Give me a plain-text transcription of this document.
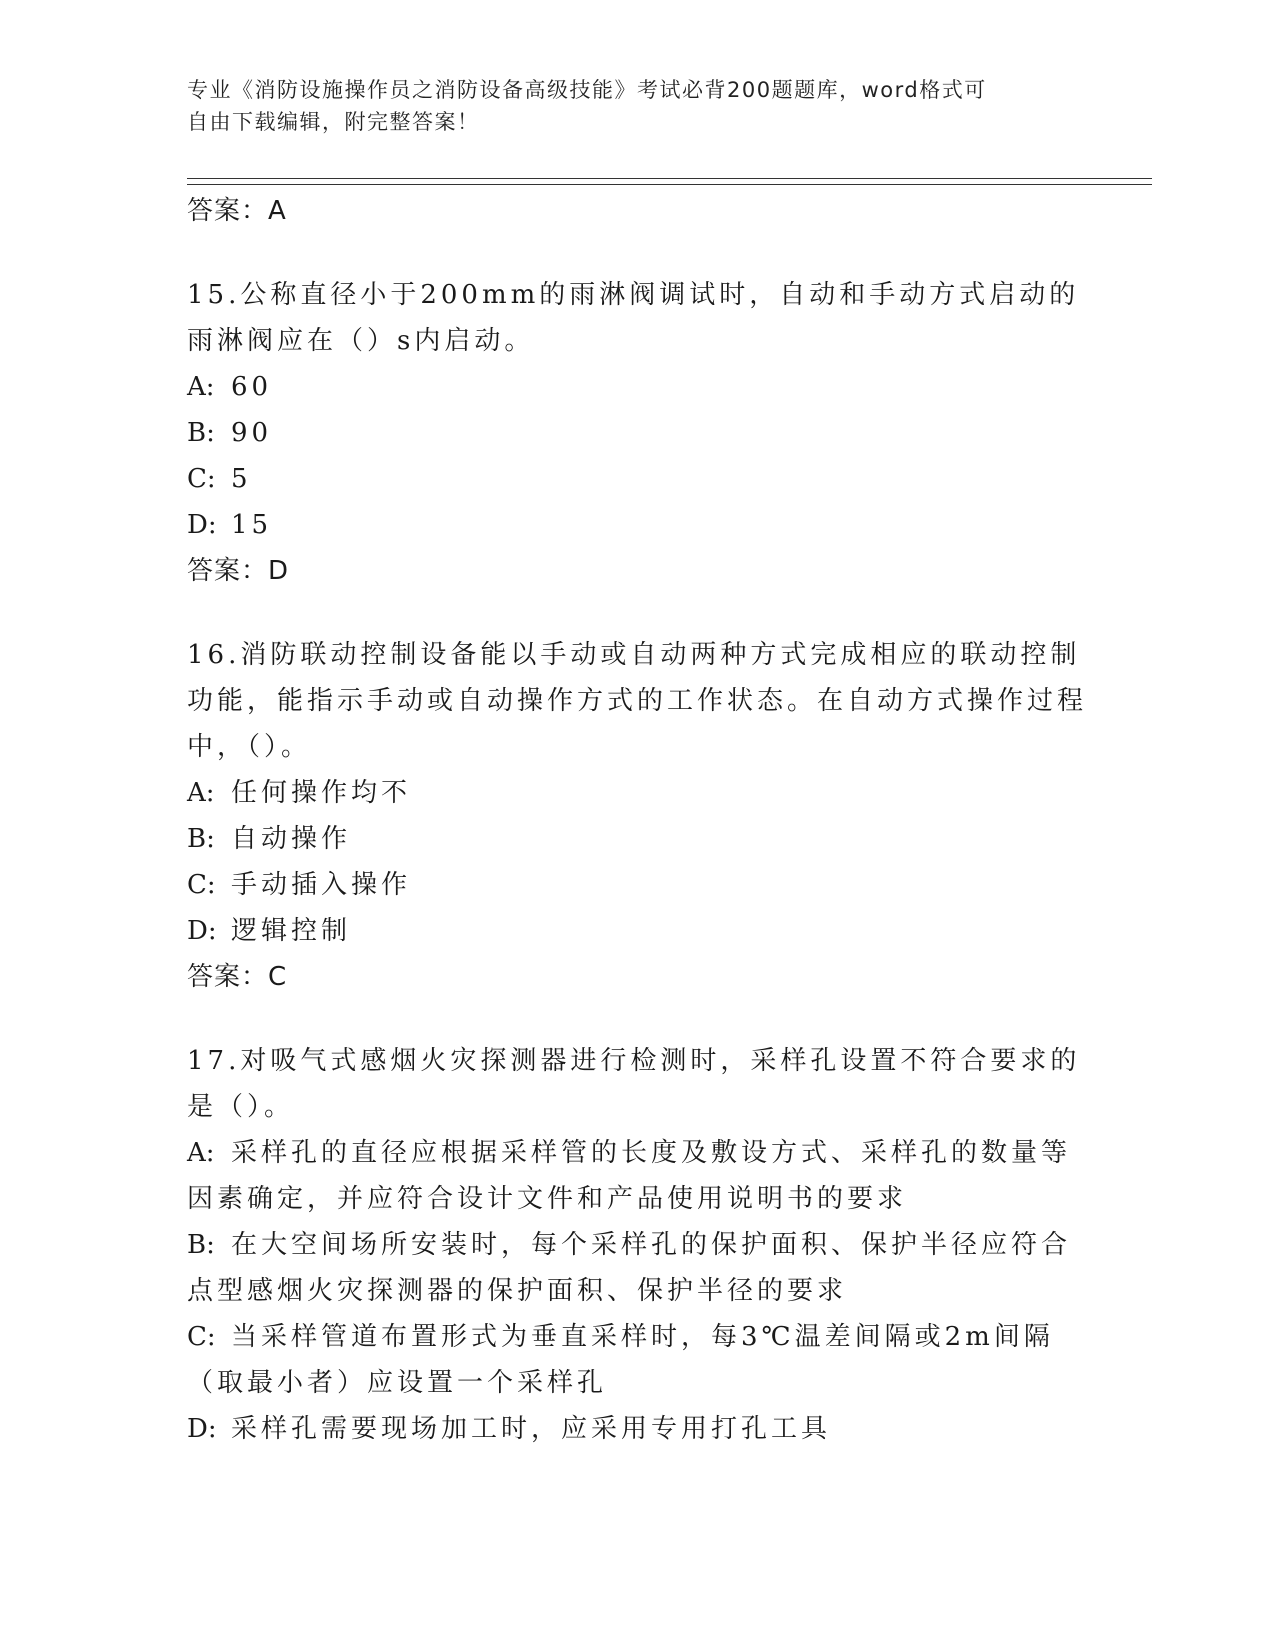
专业《消防设施操作员之消防设备高级技能》考试必背200题题库，word格式可
自由下载编辑，附完整答案！
答案：A
15.公称直径小于200mm的雨淋阀调试时，自动和手动方式启动的雨淋阀应在（）s内启动。
A: 60
B: 90
C: 5
D: 15
答案：D
16.消防联动控制设备能以手动或自动两种方式完成相应的联动控制功能，能指示手动或自动操作方式的工作状态。在自动方式操作过程中，（）。
A: 任何操作均不
B: 自动操作
C: 手动插入操作
D: 逻辑控制
答案：C
17.对吸气式感烟火灾探测器进行检测时，采样孔设置不符合要求的是（）。
A: 采样孔的直径应根据采样管的长度及敷设方式、采样孔的数量等因素确定，并应符合设计文件和产品使用说明书的要求
B: 在大空间场所安装时，每个采样孔的保护面积、保护半径应符合点型感烟火灾探测器的保护面积、保护半径的要求
C: 当采样管道布置形式为垂直采样时，每3℃温差间隔或2m间隔（取最小者）应设置一个采样孔
D: 采样孔需要现场加工时，应采用专用打孔工具
